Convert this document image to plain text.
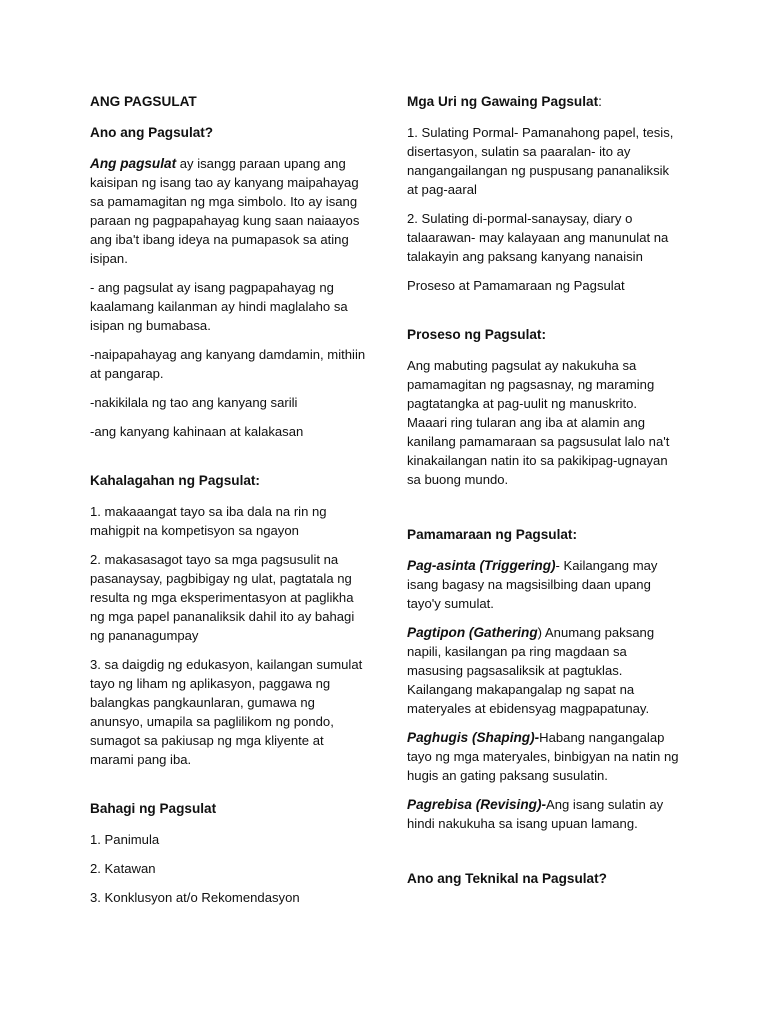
ANG PAGSULAT
Ano ang Pagsulat?
Ang pagsulat ay isangg paraan upang ang kaisipan ng isang tao ay kanyang maipahayag sa pamamagitan ng mga simbolo. Ito ay isang paraan ng pagpapahayag kung saan naiaayos ang iba't ibang ideya na pumapasok sa ating isipan.
- ang pagsulat ay isang pagpapahayag ng kaalamang kailanman ay hindi maglalaho sa isipan ng bumabasa.
-naipapahayag ang kanyang damdamin, mithiin at pangarap.
-nakikilala ng tao ang kanyang sarili
-ang kanyang kahinaan at kalakasan
Kahalagahan ng Pagsulat:
1. makaaangat tayo sa iba dala na rin ng mahigpit na kompetisyon sa ngayon
2. makasasagot tayo sa mga pagsusulit na pasanaysay, pagbibigay ng ulat, pagtatala ng resulta ng mga eksperimentasyon at paglikha ng mga papel pananaliksik dahil ito ay bahagi ng pananagumpay
3. sa daigdig ng edukasyon, kailangan sumulat tayo ng liham ng aplikasyon, paggawa ng balangkas pangkaunlaran, gumawa ng anunsyo, umapila sa paglilikom ng pondo, sumagot sa pakiusap ng mga kliyente at marami pang iba.
Bahagi ng Pagsulat
1. Panimula
2. Katawan
3. Konklusyon at/o Rekomendasyon
Mga Uri ng Gawaing Pagsulat:
1. Sulating Pormal- Pamanahong papel, tesis, disertasyon, sulatin sa paaralan- ito ay nangangailangan ng puspusang pananaliksik at pag-aaral
2. Sulating di-pormal-sanaysay, diary o talaarawan- may kalayaan ang manunulat na talakayin ang paksang kanyang nanaisin
Proseso at Pamamaraan ng Pagsulat
Proseso ng Pagsulat:
Ang mabuting pagsulat ay nakukuha sa pamamagitan ng pagsasnay, ng maraming pagtatangka at pag-uulit ng manuskrito. Maaari ring tularan ang iba at alamin ang kanilang pamamaraan sa pagsusulat lalo na't kinakailangan natin ito sa pakikipag-ugnayan sa buong mundo.
Pamamaraan ng Pagsulat:
Pag-asinta (Triggering)- Kailangang may isang bagasy na magsisilbing daan upang tayo'y sumulat.
Pagtipon (Gathering) Anumang paksang napili, kasilangan pa ring magdaan sa masusing pagsasaliksik at pagtuklas. Kailangang makapangalap ng sapat na materyales at ebidensyag magpapatunay.
Paghugis (Shaping)-Habang nangangalap tayo ng mga materyales, binbigyan na natin ng hugis an gating paksang susulatin.
Pagrebisa (Revising)-Ang isang sulatin ay hindi nakukuha sa isang upuan lamang.
Ano ang Teknikal na Pagsulat?
